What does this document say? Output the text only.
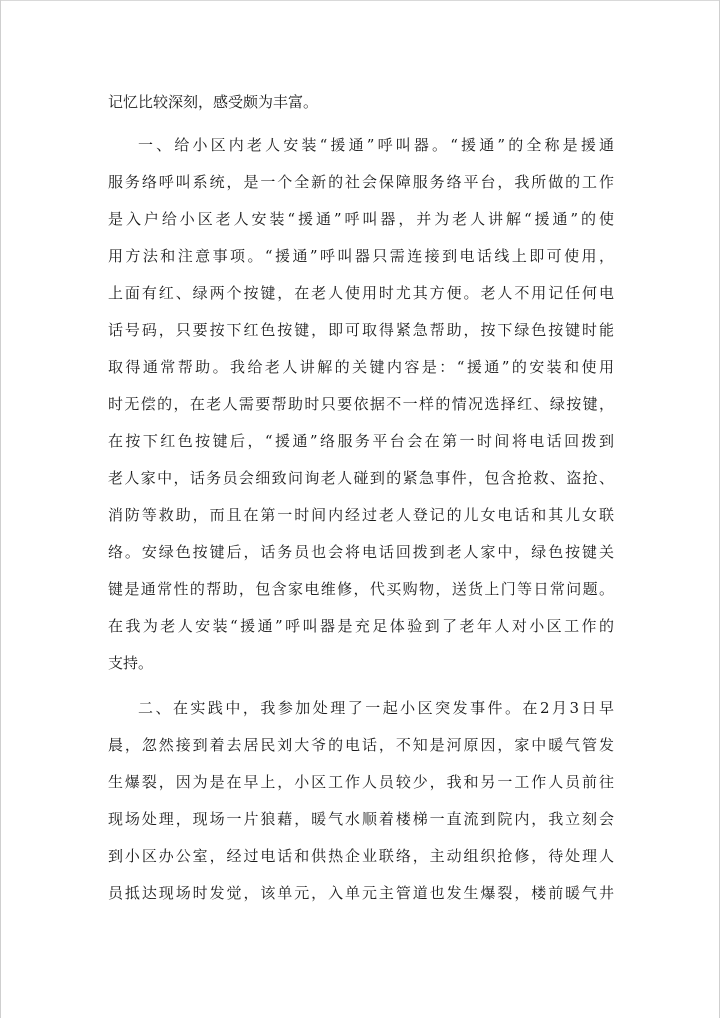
记忆比较深刻，感受颇为丰富。

一、给小区内老人安装“援通”呼叫器。“援通”的全称是援通

服务络呼叫系统，是一个全新的社会保障服务络平台，我所做的工作

是入户给小区老人安装“援通”呼叫器，并为老人讲解“援通”的使

用方法和注意事项。“援通”呼叫器只需连接到电话线上即可使用，

上面有红、绿两个按键，在老人使用时尤其方便。老人不用记任何电

话号码，只要按下红色按键，即可取得紧急帮助，按下绿色按键时能

取得通常帮助。我给老人讲解的关键内容是：“援通”的安装和使用

时无偿的，在老人需要帮助时只要依据不一样的情况选择红、绿按键，

在按下红色按键后，“援通”络服务平台会在第一时间将电话回拨到

老人家中，话务员会细致问询老人碰到的紧急事件，包含抢救、盗抢、

消防等救助，而且在第一时间内经过老人登记的儿女电话和其儿女联

络。安绿色按键后，话务员也会将电话回拨到老人家中，绿色按键关

键是通常性的帮助，包含家电维修，代买购物，送货上门等日常问题。

在我为老人安装“援通”呼叫器是充足体验到了老年人对小区工作的

支持。

二、在实践中，我参加处理了一起小区突发事件。在2月3日早

晨，忽然接到着去居民刘大爷的电话，不知是河原因，家中暖气管发

生爆裂，因为是在早上，小区工作人员较少，我和另一工作人员前往

现场处理，现场一片狼藉，暖气水顺着楼梯一直流到院内，我立刻会

到小区办公室，经过电话和供热企业联络，主动组织抢修，待处理人

员抵达现场时发觉，该单元，入单元主管道也发生爆裂，楼前暖气井
